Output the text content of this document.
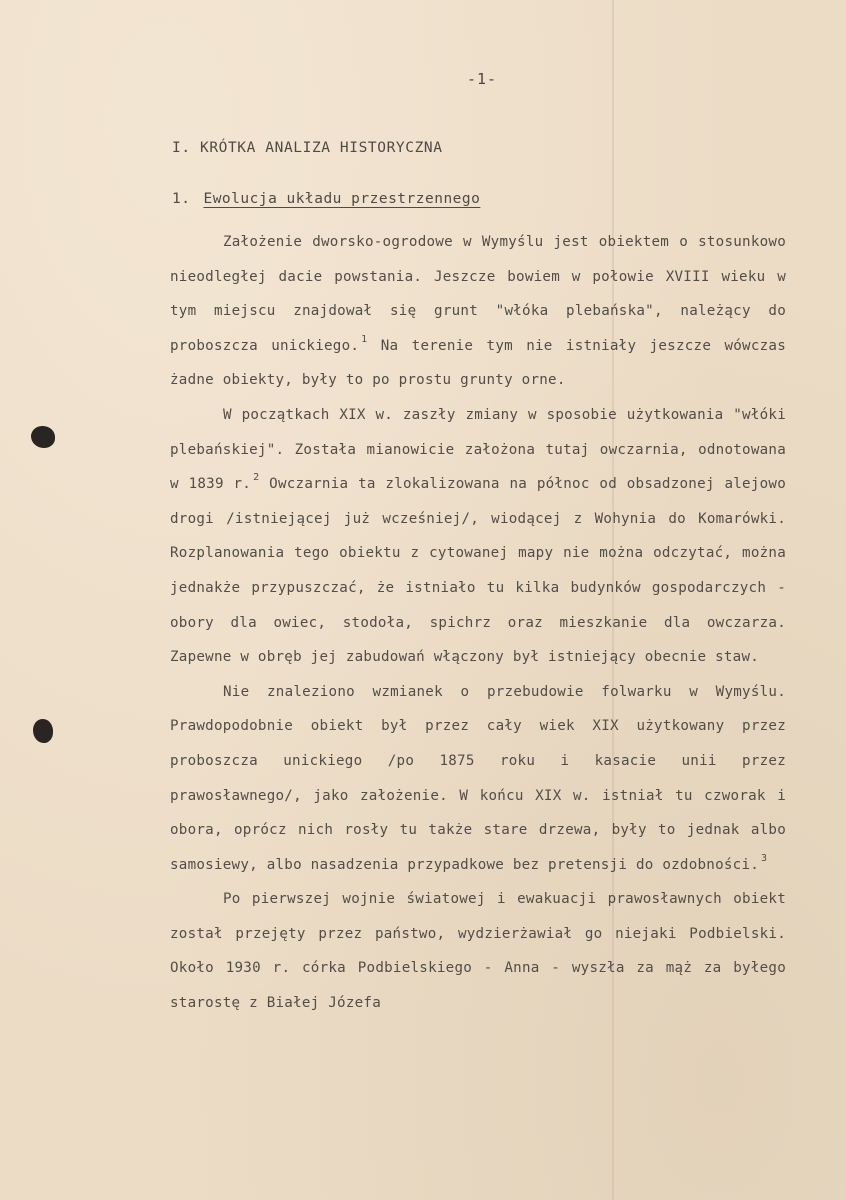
-1-
I. KRÓTKA ANALIZA HISTORYCZNA
1. Ewolucja układu przestrzennego

Założenie dworsko-ogrodowe w Wymyślu jest obiektem o stosunkowo nieodległej dacie powstania. Jeszcze bowiem w połowie XVIII wieku w tym miejscu znajdował się grunt "włóka plebańska", należący do proboszcza unickiego. $^1$ Na terenie tym nie istniały jeszcze wówczas żadne obiekty, były to po prostu grunty orne.

W początkach XIX w. zaszły zmiany w sposobie użytkowania "włóki plebańskiej". Została mianowicie założona tutaj owczarnia, odnotowana w 1839 r. $^2$ Owczarnia ta zlokalizowana na północ od obsadzonej alejowo drogi /istniejącej już wcześniej/, wiodącej z Wohynia do Komarówki. Rozplanowania tego obiektu z cytowanej mapy nie można odczytać, można jednakże przypuszczać, że istniało tu kilka budynków gospodarczych - obory dla owiec, stodoła, spichrz oraz mieszkanie dla owczarza. Zapewne w obręb jej zabudowań włączony był istniejący obecnie staw.

Nie znaleziono wzmianek o przebudowie folwarku w Wymyślu. Prawdopodobnie obiekt był przez cały wiek XIX użytkowany przez proboszcza unickiego /po 1875 roku i kasacie unii przez prawosławnego/, jako założenie. W końcu XIX w. istniał tu czworak i obora, oprócz nich rosły tu także stare drzewa, były to jednak albo samosiewy, albo nasadzenia przypadkowe bez pretensji do ozdobności. $^3$

Po pierwszej wojnie światowej i ewakuacji prawosławnych obiekt został przejęty przez państwo, wydzierżawiał go niejaki Podbielski. Około 1930 r. córka Podbielskiego - Anna - wyszła za mąż za byłego starostę z Białej Józefa
